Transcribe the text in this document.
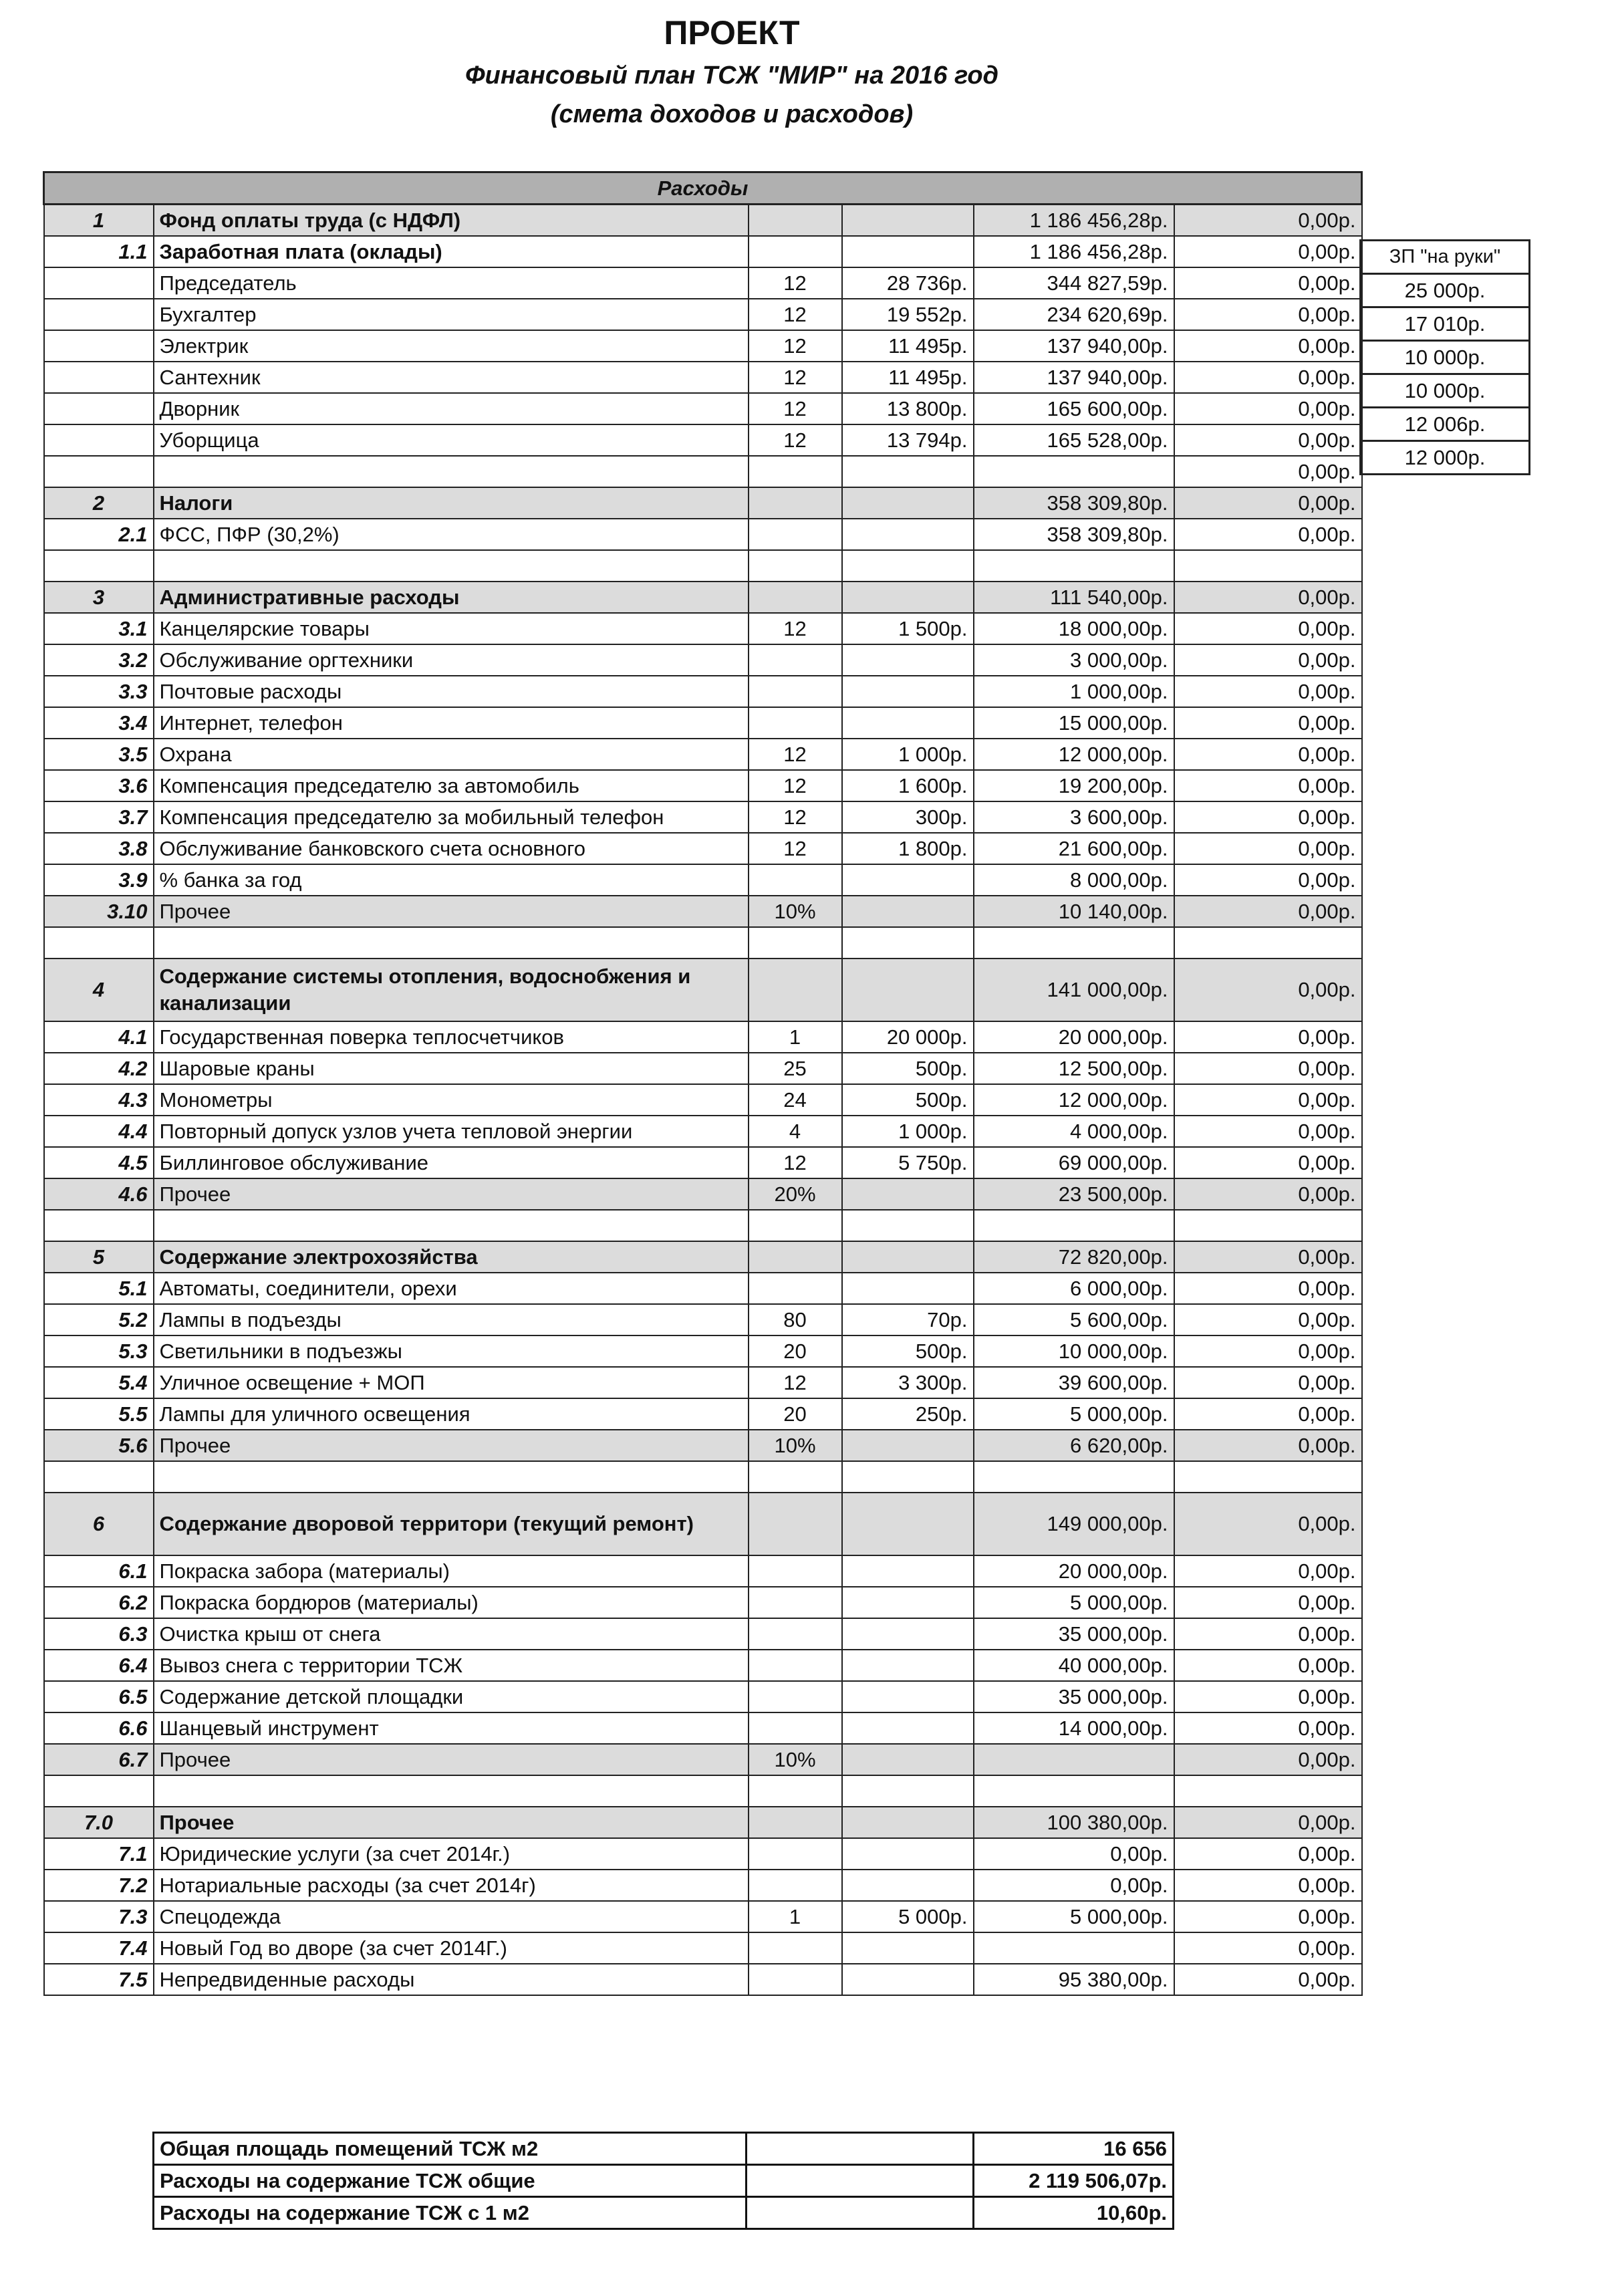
ПРОЕКТ
Финансовый план ТСЖ "МИР" на 2016 год
(смета доходов и расходов)
Расходы					
1	Фонд оплаты труда (с НДФЛ)			1 186 456,28р.	0,00р.
1.1	Заработная плата (оклады)			1 186 456,28р.	0,00р.
	Председатель	12	28 736р.	344 827,59р.	0,00р.
	Бухгалтер	12	19 552р.	234 620,69р.	0,00р.
	Электрик	12	11 495р.	137 940,00р.	0,00р.
	Сантехник	12	11 495р.	137 940,00р.	0,00р.
	Дворник	12	13 800р.	165 600,00р.	0,00р.
	Уборщица	12	13 794р.	165 528,00р.	0,00р.
					0,00р.
2	Налоги			358 309,80р.	0,00р.
2.1	ФСС, ПФР (30,2%)			358 309,80р.	0,00р.

3	Административные расходы			111 540,00р.	0,00р.
3.1	Канцелярские товары	12	1 500р.	18 000,00р.	0,00р.
3.2	Обслуживание оргтехники			3 000,00р.	0,00р.
3.3	Почтовые расходы			1 000,00р.	0,00р.
3.4	Интернет, телефон			15 000,00р.	0,00р.
3.5	Охрана	12	1 000р.	12 000,00р.	0,00р.
3.6	Компенсация председателю за автомобиль	12	1 600р.	19 200,00р.	0,00р.
3.7	Компенсация председателю за мобильный телефон	12	300р.	3 600,00р.	0,00р.
3.8	Обслуживание банковского счета основного	12	1 800р.	21 600,00р.	0,00р.
3.9	% банка за год			8 000,00р.	0,00р.
3.10	Прочее	10%		10 140,00р.	0,00р.

4	Содержание системы отопления, водоснобжения и канализации			141 000,00р.	0,00р.
4.1	Государственная поверка теплосчетчиков	1	20 000р.	20 000,00р.	0,00р.
4.2	Шаровые краны	25	500р.	12 500,00р.	0,00р.
4.3	Монометры	24	500р.	12 000,00р.	0,00р.
4.4	Повторный допуск узлов учета тепловой энергии	4	1 000р.	4 000,00р.	0,00р.
4.5	Биллинговое обслуживание	12	5 750р.	69 000,00р.	0,00р.
4.6	Прочее	20%		23 500,00р.	0,00р.

5	Содержание электрохозяйства			72 820,00р.	0,00р.
5.1	Автоматы, соединители, орехи			6 000,00р.	0,00р.
5.2	Лампы в подъезды	80	70р.	5 600,00р.	0,00р.
5.3	Светильники в подъезжы	20	500р.	10 000,00р.	0,00р.
5.4	Уличное освещение + МОП	12	3 300р.	39 600,00р.	0,00р.
5.5	Лампы для уличного освещения	20	250р.	5 000,00р.	0,00р.
5.6	Прочее	10%		6 620,00р.	0,00р.

6	Содержание дворовой территори (текущий ремонт)			149 000,00р.	0,00р.
6.1	Покраска забора (материалы)			20 000,00р.	0,00р.
6.2	Покраска бордюров (материалы)			5 000,00р.	0,00р.
6.3	Очистка крыш от снега			35 000,00р.	0,00р.
6.4	Вывоз снега с территории ТСЖ			40 000,00р.	0,00р.
6.5	Содержание детской площадки			35 000,00р.	0,00р.
6.6	Шанцевый инструмент			14 000,00р.	0,00р.
6.7	Прочее	10%			0,00р.

7.0	Прочее			100 380,00р.	0,00р.
7.1	Юридические услуги (за счет 2014г.)			0,00р.	0,00р.
7.2	Нотариальные расходы (за счет 2014г)			0,00р.	0,00р.
7.3	Спецодежда	1	5 000р.	5 000,00р.	0,00р.
7.4	Новый Год во дворе (за счет 2014Г.)				0,00р.
7.5	Непредвиденные расходы			95 380,00р.	0,00р.
ЗП "на руки"
25 000р.
17 010р.
10 000р.
10 000р.
12 006р.
12 000р.
Общая площадь помещений ТСЖ м2		16 656
Расходы на содержание ТСЖ общие		2 119 506,07р.
Расходы на содержание ТСЖ с 1 м2		10,60р.
